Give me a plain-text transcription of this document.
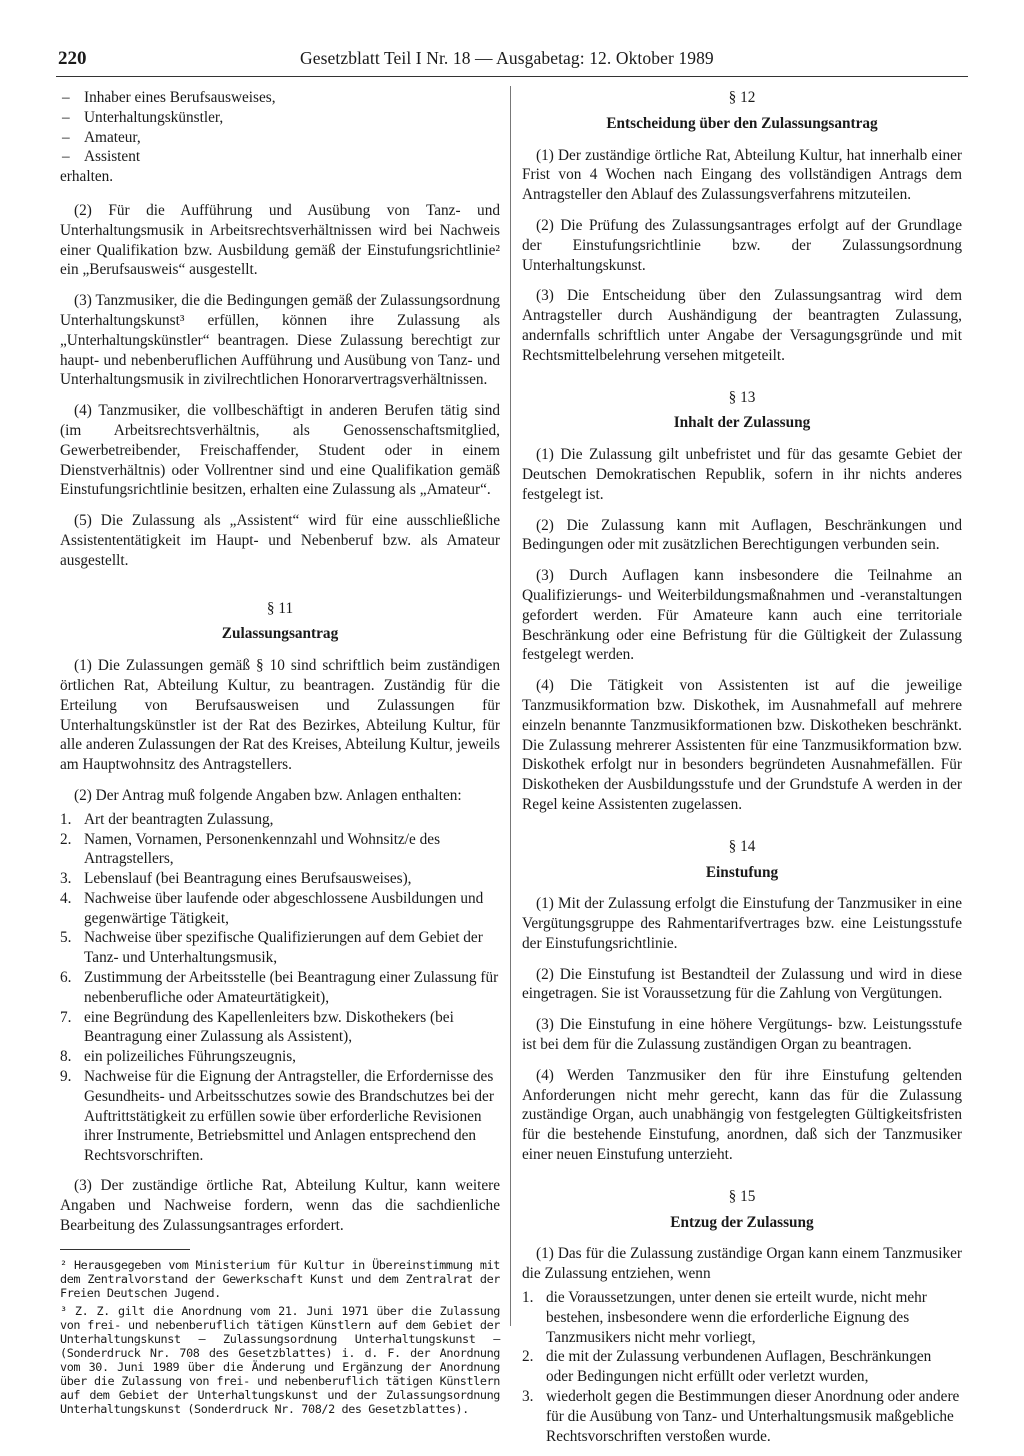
220	Gesetzblatt Teil I Nr. 18 — Ausgabetag: 12. Oktober 1989
– Inhaber eines Berufsausweises,
– Unterhaltungskünstler,
– Amateur,
– Assistent

erhalten.

(2) Für die Aufführung und Ausübung von Tanz- und Unterhaltungsmusik in Arbeitsrechtsverhältnissen wird bei Nachweis einer Qualifikation bzw. Ausbildung gemäß der Einstufungsrichtlinie² ein „Berufsausweis“ ausgestellt.

(3) Tanzmusiker, die die Bedingungen gemäß der Zulassungsordnung Unterhaltungskunst³ erfüllen, können ihre Zulassung als „Unterhaltungskünstler“ beantragen. Diese Zulassung berechtigt zur haupt- und nebenberuflichen Aufführung und Ausübung von Tanz- und Unterhaltungsmusik in zivilrechtlichen Honorarvertragsverhältnissen.

(4) Tanzmusiker, die vollbeschäftigt in anderen Berufen tätig sind (im Arbeitsrechtsverhältnis, als Genossenschaftsmitglied, Gewerbetreibender, Freischaffender, Student oder in einem Dienstverhältnis) oder Vollrentner sind und eine Qualifikation gemäß Einstufungsrichtlinie besitzen, erhalten eine Zulassung als „Amateur“.

(5) Die Zulassung als „Assistent“ wird für eine ausschließliche Assistententätigkeit im Haupt- und Nebenberuf bzw. als Amateur ausgestellt.

§ 11

Zulassungsantrag

(1) Die Zulassungen gemäß § 10 sind schriftlich beim zuständigen örtlichen Rat, Abteilung Kultur, zu beantragen. Zuständig für die Erteilung von Berufsausweisen und Zulassungen für Unterhaltungskünstler ist der Rat des Bezirkes, Abteilung Kultur, für alle anderen Zulassungen der Rat des Kreises, Abteilung Kultur, jeweils am Hauptwohnsitz des Antragstellers.

(2) Der Antrag muß folgende Angaben bzw. Anlagen enthalten:

1. Art der beantragten Zulassung,
2. Namen, Vornamen, Personenkennzahl und Wohnsitz/e des Antragstellers,
3. Lebenslauf (bei Beantragung eines Berufsausweises),
4. Nachweise über laufende oder abgeschlossene Ausbildungen und gegenwärtige Tätigkeit,
5. Nachweise über spezifische Qualifizierungen auf dem Gebiet der Tanz- und Unterhaltungsmusik,
6. Zustimmung der Arbeitsstelle (bei Beantragung einer Zulassung für nebenberufliche oder Amateurtätigkeit),
7. eine Begründung des Kapellenleiters bzw. Diskothekers (bei Beantragung einer Zulassung als Assistent),
8. ein polizeiliches Führungszeugnis,
9. Nachweise für die Eignung der Antragsteller, die Erfordernisse des Gesundheits- und Arbeitsschutzes sowie des Brandschutzes bei der Auftrittstätigkeit zu erfüllen sowie über erforderliche Revisionen ihrer Instrumente, Betriebsmittel und Anlagen entsprechend den Rechtsvorschriften.

(3) Der zuständige örtliche Rat, Abteilung Kultur, kann weitere Angaben und Nachweise fordern, wenn das die sachdienliche Bearbeitung des Zulassungsantrages erfordert.

² Herausgegeben vom Ministerium für Kultur in Übereinstimmung mit dem Zentralvorstand der Gewerkschaft Kunst und dem Zentralrat der Freien Deutschen Jugend.

³ Z. Z. gilt die Anordnung vom 21. Juni 1971 über die Zulassung von frei- und nebenberuflich tätigen Künstlern auf dem Gebiet der Unterhaltungskunst — Zulassungsordnung Unterhaltungskunst — (Sonderdruck Nr. 708 des Gesetzblattes) i. d. F. der Anordnung vom 30. Juni 1989 über die Änderung und Ergänzung der Anordnung über die Zulassung von frei- und nebenberuflich tätigen Künstlern auf dem Gebiet der Unterhaltungskunst und der Zulassungsordnung Unterhaltungskunst (Sonderdruck Nr. 708/2 des Gesetzblattes).

§ 12

Entscheidung über den Zulassungsantrag

(1) Der zuständige örtliche Rat, Abteilung Kultur, hat innerhalb einer Frist von 4 Wochen nach Eingang des vollständigen Antrags dem Antragsteller den Ablauf des Zulassungsverfahrens mitzuteilen.

(2) Die Prüfung des Zulassungsantrages erfolgt auf der Grundlage der Einstufungsrichtlinie bzw. der Zulassungsordnung Unterhaltungskunst.

(3) Die Entscheidung über den Zulassungsantrag wird dem Antragsteller durch Aushändigung der beantragten Zulassung, andernfalls schriftlich unter Angabe der Versagungsgründe und mit Rechtsmittelbelehrung versehen mitgeteilt.

§ 13

Inhalt der Zulassung

(1) Die Zulassung gilt unbefristet und für das gesamte Gebiet der Deutschen Demokratischen Republik, sofern in ihr nichts anderes festgelegt ist.

(2) Die Zulassung kann mit Auflagen, Beschränkungen und Bedingungen oder mit zusätzlichen Berechtigungen verbunden sein.

(3) Durch Auflagen kann insbesondere die Teilnahme an Qualifizierungs- und Weiterbildungsmaßnahmen und -veranstaltungen gefordert werden. Für Amateure kann auch eine territoriale Beschränkung oder eine Befristung für die Gültigkeit der Zulassung festgelegt werden.

(4) Die Tätigkeit von Assistenten ist auf die jeweilige Tanzmusikformation bzw. Diskothek, im Ausnahmefall auf mehrere einzeln benannte Tanzmusikformationen bzw. Diskotheken beschränkt. Die Zulassung mehrerer Assistenten für eine Tanzmusikformation bzw. Diskothek erfolgt nur in besonders begründeten Ausnahmefällen. Für Diskotheken der Ausbildungsstufe und der Grundstufe A werden in der Regel keine Assistenten zugelassen.

§ 14

Einstufung

(1) Mit der Zulassung erfolgt die Einstufung der Tanzmusiker in eine Vergütungsgruppe des Rahmentarifvertrages bzw. eine Leistungsstufe der Einstufungsrichtlinie.

(2) Die Einstufung ist Bestandteil der Zulassung und wird in diese eingetragen. Sie ist Voraussetzung für die Zahlung von Vergütungen.

(3) Die Einstufung in eine höhere Vergütungs- bzw. Leistungsstufe ist bei dem für die Zulassung zuständigen Organ zu beantragen.

(4) Werden Tanzmusiker den für ihre Einstufung geltenden Anforderungen nicht mehr gerecht, kann das für die Zulassung zuständige Organ, auch unabhängig von festgelegten Gültigkeitsfristen für die bestehende Einstufung, anordnen, daß sich der Tanzmusiker einer neuen Einstufung unterzieht.

§ 15

Entzug der Zulassung

(1) Das für die Zulassung zuständige Organ kann einem Tanzmusiker die Zulassung entziehen, wenn

1. die Voraussetzungen, unter denen sie erteilt wurde, nicht mehr bestehen, insbesondere wenn die erforderliche Eignung des Tanzmusikers nicht mehr vorliegt,
2. die mit der Zulassung verbundenen Auflagen, Beschränkungen oder Bedingungen nicht erfüllt oder verletzt wurden,
3. wiederholt gegen die Bestimmungen dieser Anordnung oder andere für die Ausübung von Tanz- und Unterhaltungsmusik maßgebliche Rechtsvorschriften verstoßen wurde.
